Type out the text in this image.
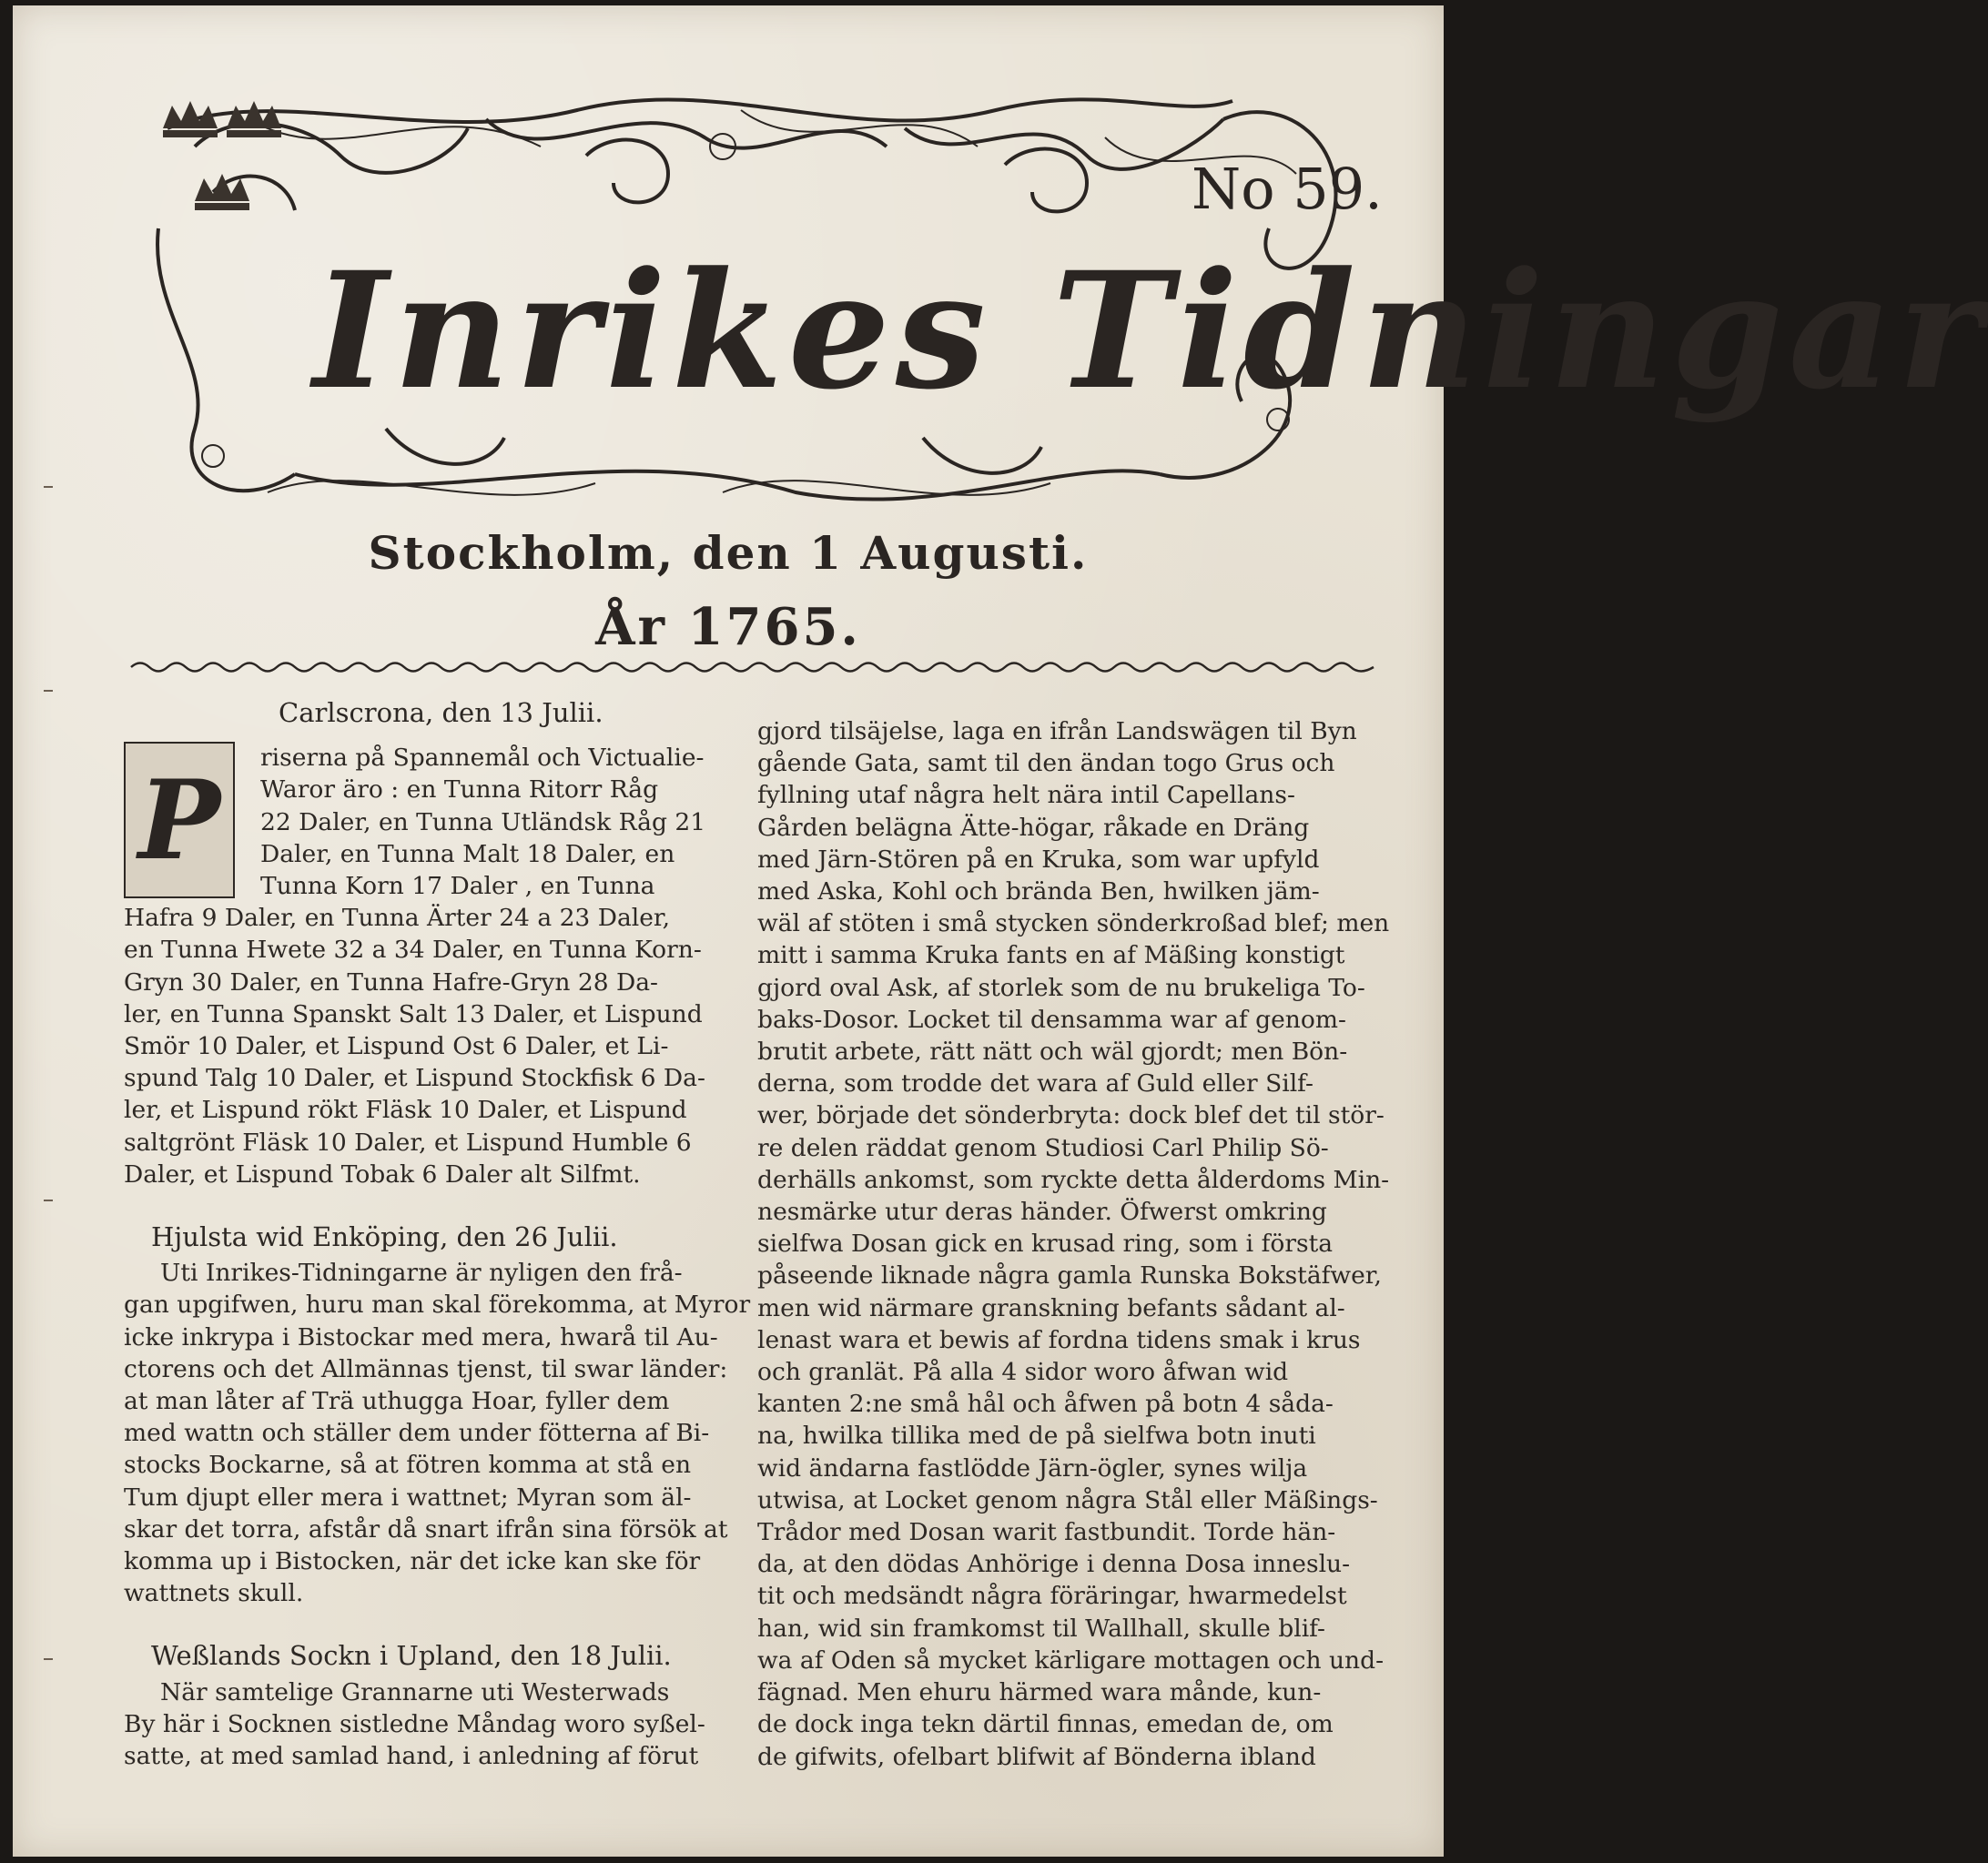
Inrikes Tidningar
No 59.
Stockholm, den 1 Augusti.
År 1765.
Carlscrona, den 13 Julii.
P	riserna på Spannemål och Victualie-
Waror äro : en Tunna Ritorr Råg
22 Daler, en Tunna Utländsk Råg 21
Daler, en Tunna Malt 18 Daler, en
Tunna Korn 17 Daler , en Tunna
Hafra 9 Daler, en Tunna Ärter 24 a 23 Daler,
en Tunna Hwete 32 a 34 Daler, en Tunna Korn-
Gryn 30 Daler, en Tunna Hafre-Gryn 28 Da-
ler, en Tunna Spanskt Salt 13 Daler, et Lispund
Smör 10 Daler, et Lispund Ost 6 Daler, et Li-
spund Talg 10 Daler, et Lispund Stockfisk 6 Da-
ler, et Lispund rökt Fläsk 10 Daler, et Lispund
saltgrönt Fläsk 10 Daler, et Lispund Humble 6
Daler, et Lispund Tobak 6 Daler alt Silfmt.
Hjulsta wid Enköping, den 26 Julii.
Uti Inrikes-Tidningarne är nyligen den frå-
gan upgifwen, huru man skal förekomma, at Myror
icke inkrypa i Bistockar med mera, hwarå til Au-
ctorens och det Allmännas tjenst, til swar länder:
at man låter af Trä uthugga Hoar, fyller dem
med wattn och ställer dem under fötterna af Bi-
stocks Bockarne, så at fötren komma at stå en
Tum djupt eller mera i wattnet; Myran som äl-
skar det torra, afstår då snart ifrån sina försök at
komma up i Bistocken, när det icke kan ske för
wattnets skull.
Weßlands Sockn i Upland, den 18 Julii.
När samtelige Grannarne uti Westerwads
By här i Socknen sistledne Måndag woro syßel-
satte, at med samlad hand, i anledning af förut
gjord tilsäjelse, laga en ifrån Landswägen til Byn
gående Gata, samt til den ändan togo Grus och
fyllning utaf några helt nära intil Capellans-
Gården belägna Ätte-högar, råkade en Dräng
med Järn-Stören på en Kruka, som war upfyld
med Aska, Kohl och brända Ben, hwilken jäm-
wäl af stöten i små stycken sönderkroßad blef; men
mitt i samma Kruka fants en af Mäßing konstigt
gjord oval Ask, af storlek som de nu brukeliga To-
baks-Dosor. Locket til densamma war af genom-
brutit arbete, rätt nätt och wäl gjordt; men Bön-
derna, som trodde det wara af Guld eller Silf-
wer, började det sönderbryta: dock blef det til stör-
re delen räddat genom Studiosi Carl Philip Sö-
derhälls ankomst, som ryckte detta ålderdoms Min-
nesmärke utur deras händer. Öfwerst omkring
sielfwa Dosan gick en krusad ring, som i första
påseende liknade några gamla Runska Bokstäfwer,
men wid närmare granskning befants sådant al-
lenast wara et bewis af fordna tidens smak i krus
och granlät. På alla 4 sidor woro åfwan wid
kanten 2:ne små hål och åfwen på botn 4 såda-
na, hwilka tillika med de på sielfwa botn inuti
wid ändarna fastlödde Järn-ögler, synes wilja
utwisa, at Locket genom några Stål eller Mäßings-
Trådor med Dosan warit fastbundit. Torde hän-
da, at den dödas Anhörige i denna Dosa inneslu-
tit och medsändt några föräringar, hwarmedelst
han, wid sin framkomst til Wallhall, skulle blif-
wa af Oden så mycket kärligare mottagen och und-
fägnad. Men ehuru härmed wara månde, kun-
de dock inga tekn därtil finnas, emedan de, om
de gifwits, ofelbart blifwit af Bönderna ibland
